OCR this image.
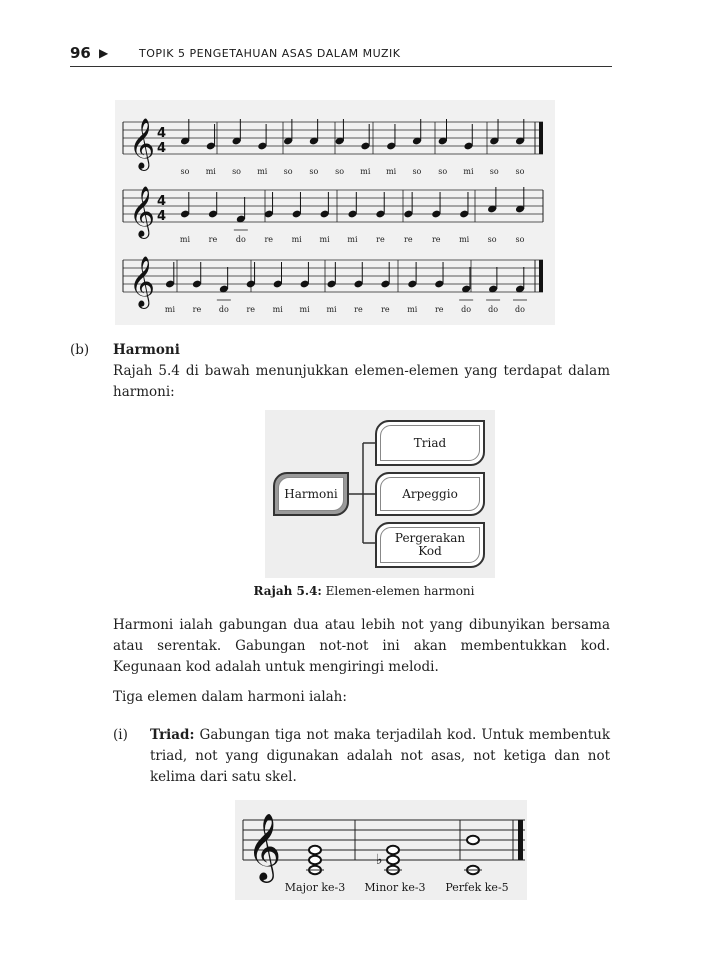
96 ▶	TOPIK 5 PENGETAHUAN ASAS DALAM MUZIK
𝄞 4
4
so mi so mi so so so mi mi so so mi so so
𝄞 4
4
mi re do re mi mi mi re re re mi so so
𝄞
mi re do re mi mi mi re re mi re do do do
(b) Harmoni
Rajah 5.4 di bawah menunjukkan elemen-elemen yang terdapat dalam harmoni:
Harmoni
Triad
Arpeggio
Pergerakan Kod
Rajah 5.4: Elemen-elemen harmoni
Harmoni ialah gabungan dua atau lebih not yang dibunyikan bersama atau serentak. Gabungan not-not ini akan membentukkan kod. Kegunaan kod adalah untuk mengiringi melodi.
Tiga elemen dalam harmoni ialah:
(i) Triad: Gabungan tiga not maka terjadilah kod. Untuk membentuk triad, not yang digunakan adalah not asas, not ketiga dan not kelima dari satu skel.
𝄞	♭
Major ke-3 Minor ke-3 Perfek ke-5
